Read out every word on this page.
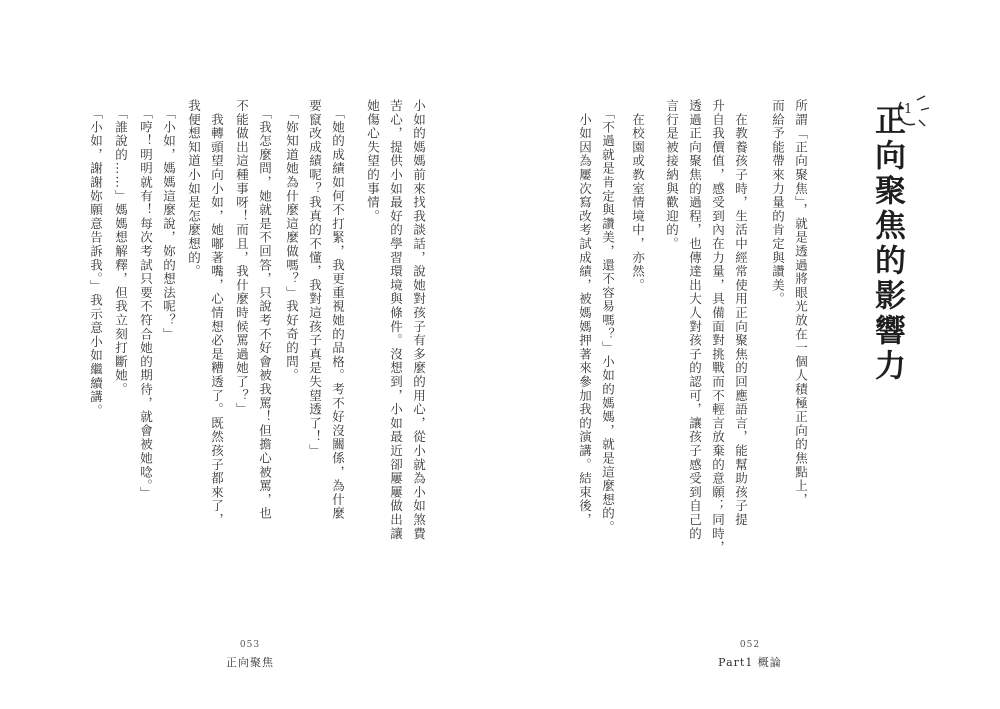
小如的媽媽前來找我談話，說她對孩子有多麼的用心，從小就為小如煞費
苦心，提供小如最好的學習環境與條件。沒想到，小如最近卻屢屢做出讓
她傷心失望的事情。
　「她的成績如何不打緊，我更重視她的品格。考不好沒關係，為什麼
要竄改成績呢？我真的不懂，我對這孩子真是失望透了！」
　「妳知道她為什麼這麼做嗎？」我好奇的問。
　「我怎麼問，她就是不回答，只說考不好會被我罵！但擔心被罵，也
不能做出這種事呀！而且，我什麼時候罵過她了？」
　我轉頭望向小如，她嘟著嘴，心情想必是糟透了。既然孩子都來了，
我便想知道小如是怎麼想的。
　「小如，媽媽這麼說，妳的想法呢？」
　「哼！明明就有！每次考試只要不符合她的期待，就會被她唸。」
　「誰說的……」媽媽想解釋，但我立刻打斷她。
　「小如，謝謝妳願意告訴我。」我示意小如繼續講。
053
正向聚焦
1
正向聚焦的影響力
所謂「正向聚焦」，就是透過將眼光放在一個人積極正向的焦點上，
而給予能帶來力量的肯定與讚美。
　在教養孩子時，生活中經常使用正向聚焦的回應語言，能幫助孩子提
升自我價值，感受到內在力量，具備面對挑戰而不輕言放棄的意願；同時，
透過正向聚焦的過程，也傳達出大人對孩子的認可，讓孩子感受到自己的
言行是被接納與歡迎的。
　在校園或教室情境中，亦然。
　「不過就是肯定與讚美，還不容易嗎？」小如的媽媽，就是這麼想的。
　小如因為屢次寫改考試成績，被媽媽押著來參加我的演講。結束後，
052
Part1 概論
